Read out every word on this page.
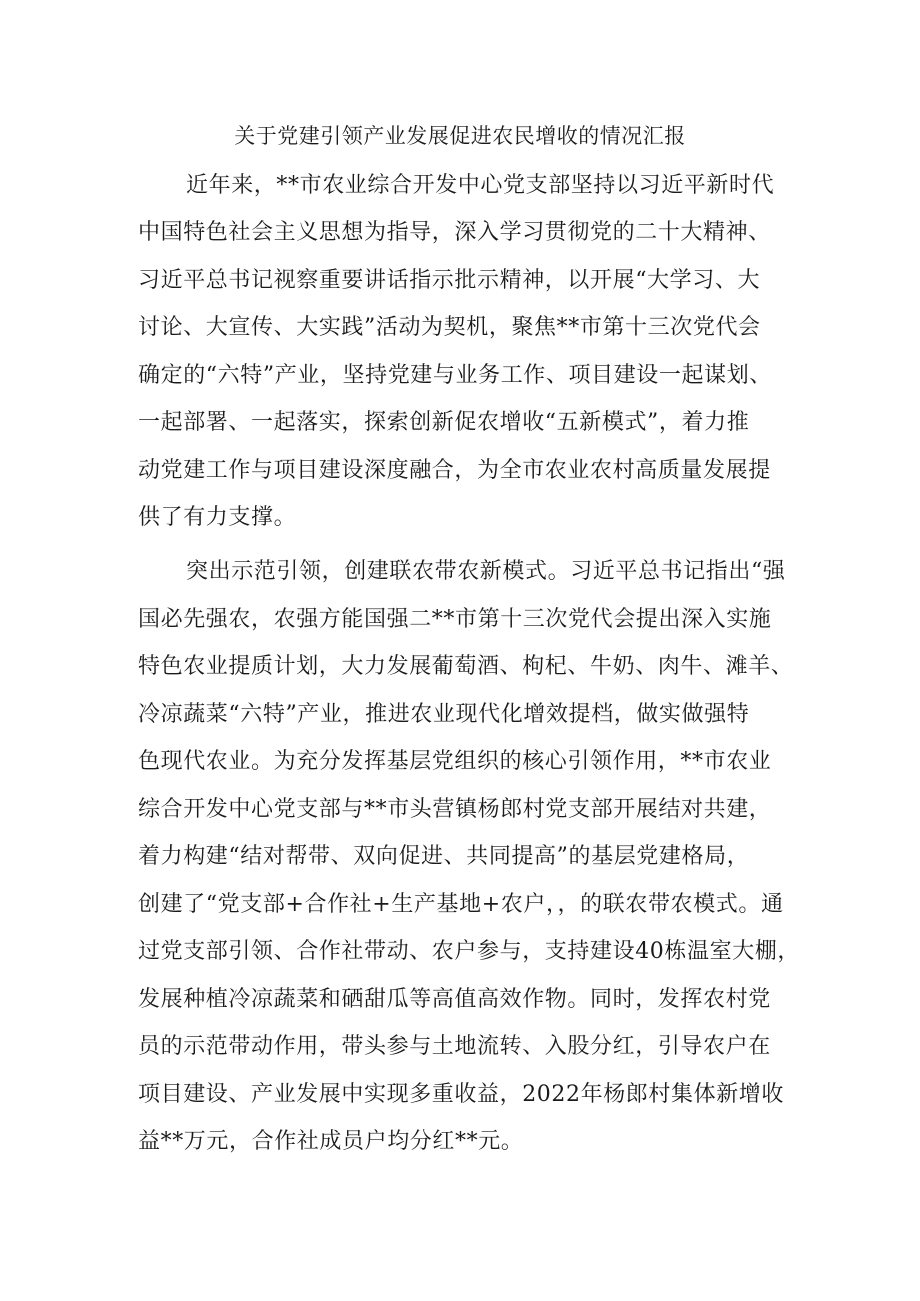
关于党建引领产业发展促进农民增收的情况汇报
近年来，**市农业综合开发中心党支部坚持以习近平新时代
中国特色社会主义思想为指导，深入学习贯彻党的二十大精神、
习近平总书记视察重要讲话指示批示精神，以开展“大学习、大
讨论、大宣传、大实践”活动为契机，聚焦**市第十三次党代会
确定的“六特”产业，坚持党建与业务工作、项目建设一起谋划、
一起部署、一起落实，探索创新促农增收“五新模式”，着力推
动党建工作与项目建设深度融合，为全市农业农村高质量发展提
供了有力支撑。
突出示范引领，创建联农带农新模式。习近平总书记指出“强
国必先强农，农强方能国强二**市第十三次党代会提出深入实施
特色农业提质计划，大力发展葡萄酒、枸杞、牛奶、肉牛、滩羊、
冷凉蔬菜“六特”产业，推进农业现代化增效提档，做实做强特
色现代农业。为充分发挥基层党组织的核心引领作用，**市农业
综合开发中心党支部与**市头营镇杨郎村党支部开展结对共建，
着力构建“结对帮带、双向促进、共同提高”的基层党建格局，
创建了“党支部+合作社+生产基地+农户，，的联农带农模式。通
过党支部引领、合作社带动、农户参与，支持建设40栋温室大棚，
发展种植冷凉蔬菜和硒甜瓜等高值高效作物。同时，发挥农村党
员的示范带动作用，带头参与土地流转、入股分红，引导农户在
项目建设、产业发展中实现多重收益，2022年杨郎村集体新增收
益**万元，合作社成员户均分红**元。
